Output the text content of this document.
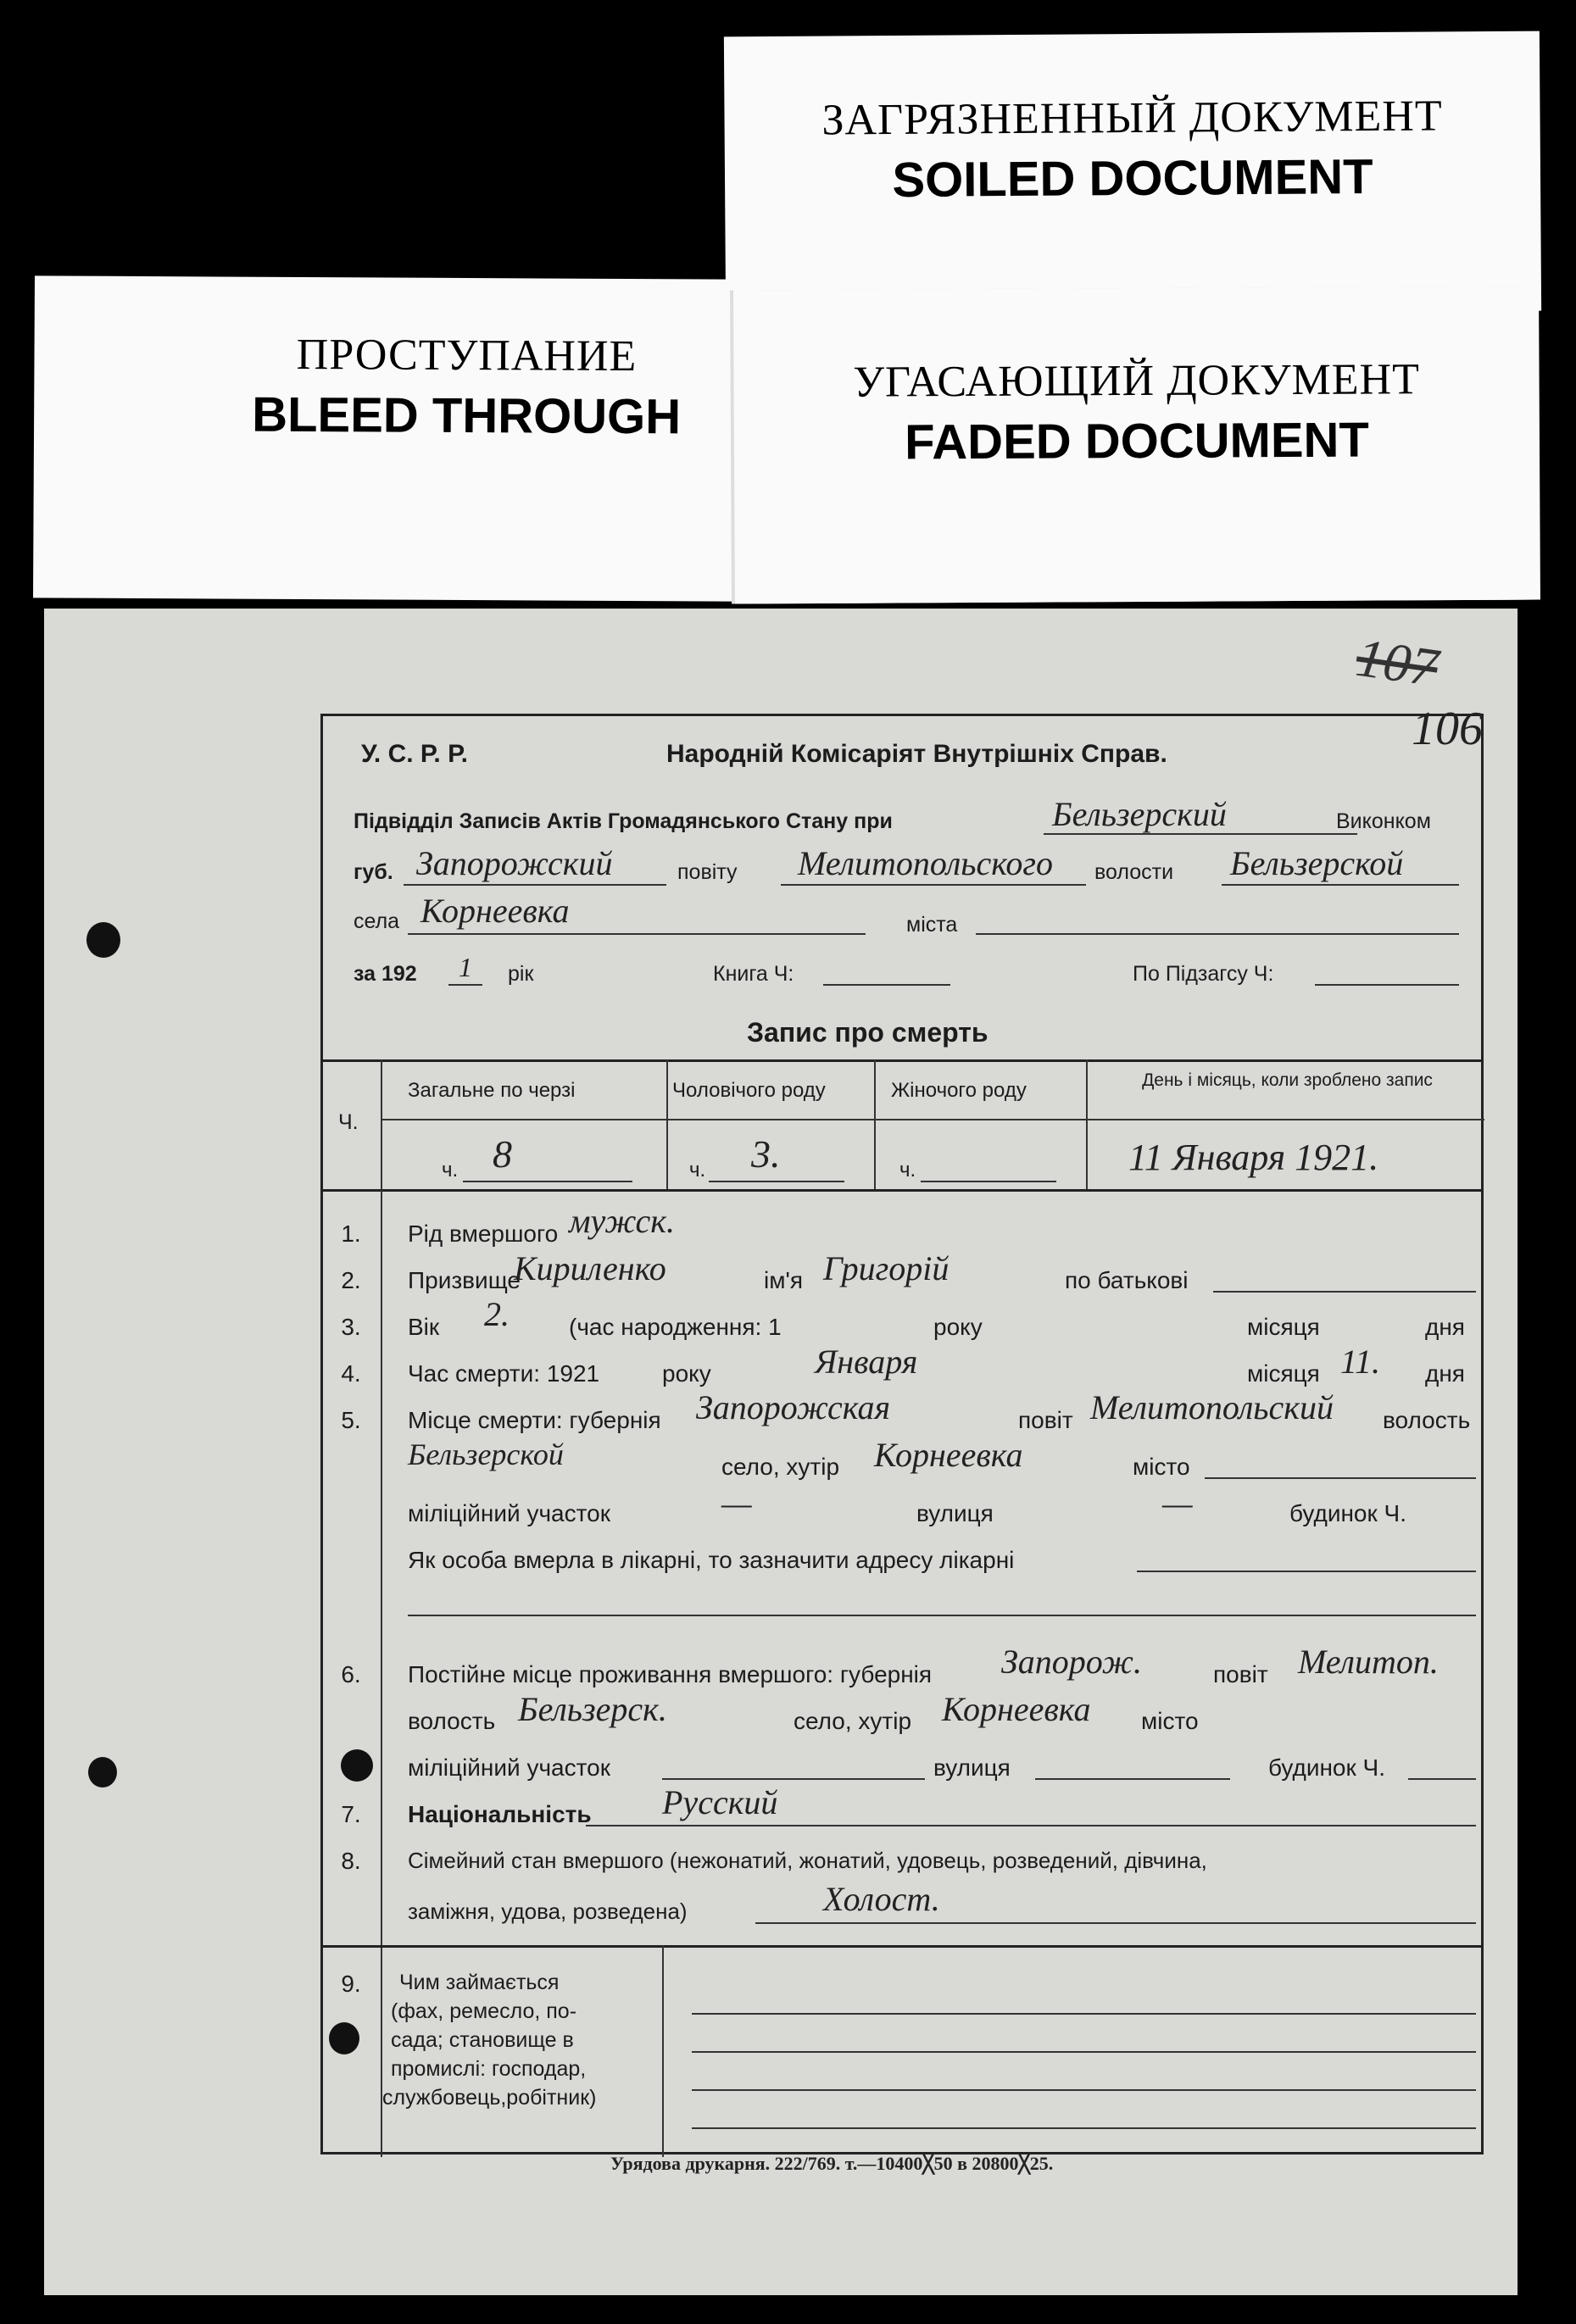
ЗАГРЯЗНЕННЫЙ ДОКУМЕНТ
SOILED DOCUMENT
ПРОСТУПАНИЕ
BLEED THROUGH
УГАСАЮЩИЙ ДОКУМЕНТ
FADED DOCUMENT
107
106
У. С. Р. Р.	Народній Комісаріят Внутрішніх Справ.
Підвідділ Записів Актів Громадянського Стану при	Бельзерский	Виконком
губ. Запорожский	повіту Мелитопольского волости Бельзерской
села Корнеевка	міста
за 192 1 рік	Книга Ч:	По Підзагсу Ч:
Запис про смерть
Ч.
Загальне по черзі	Чоловічого роду	Жіночого роду	День і місяць, коли зроблено запис
ч. 8	ч. 3.	ч.	11 Января 1921.
1.	Рід вмершого мужск.
2.	Призвище
Кириленко	ім'я Григорій	по батькові
3.	Вік 2.	(час народження: 1	року	місяця	дня
4.	Час смерти: 1921	року	Января	місяця 11. дня
5.	Місце смерти: губернія Запорожская	повіт Мелитопольский волость
Бельзерской	село, хутір Корнеевка	місто
міліційний участок	—	вулиця	—	будинок Ч.
Як особа вмерла в лікарні, то зазначити адресу лікарні
6.	Постійне місце проживання вмершого: губернія Запорож.	повіт Мелитоп.
волость Бельзерск.	село, хутір Корнеевка місто
міліційний участок	вулиця	будинок Ч.
7.	Національність Русский
8.	Сімейний стан вмершого (нежонатий, жонатий, удовець, розведений, дівчина,
заміжня, удова, розведена)	Холост.
9.	Чим займається
(фах, ремесло, по-
сада; становище в
промислі: господар,
службовець,робітник)
Урядова друкарня. 222/769. т.—10400╳50 в 20800╳25.
